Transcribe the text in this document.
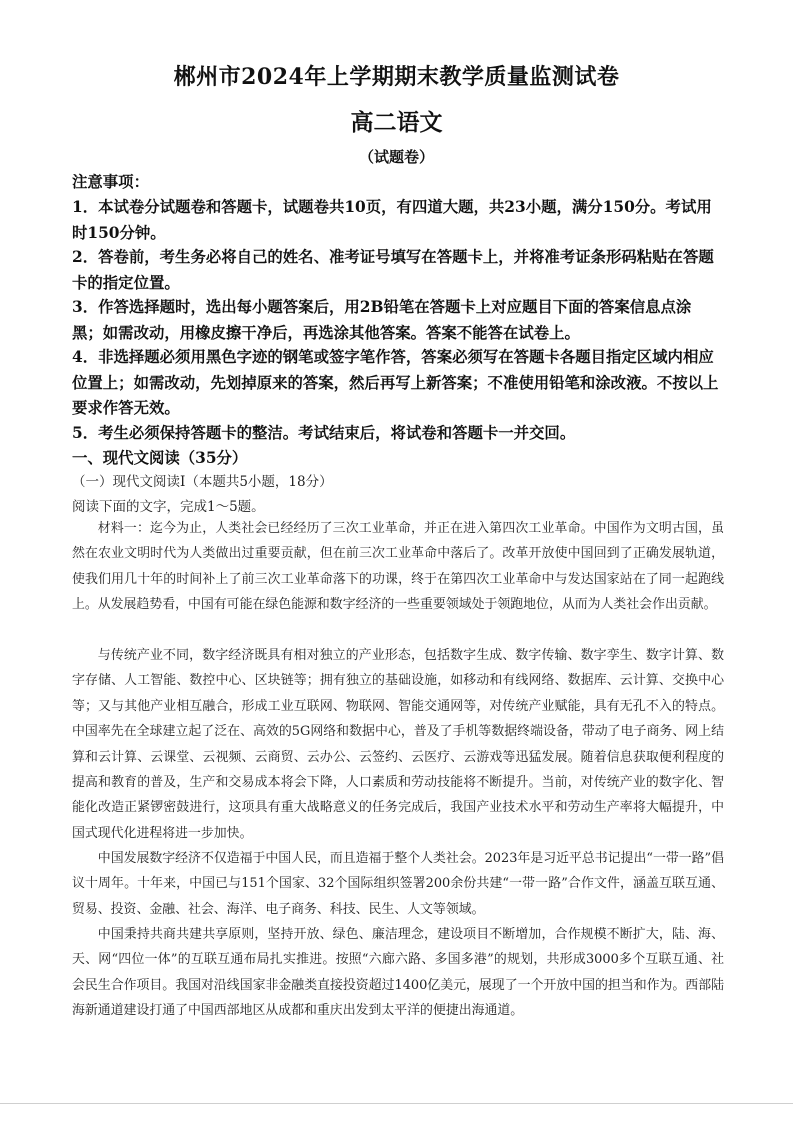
郴州市2024年上学期期末教学质量监测试卷
高二语文
（试题卷）
注意事项：
1．本试卷分试题卷和答题卡，试题卷共10页，有四道大题，共23小题，满分150分。考试用时150分钟。
2．答卷前，考生务必将自己的姓名、准考证号填写在答题卡上，并将准考证条形码粘贴在答题卡的指定位置。
3．作答选择题时，选出每小题答案后，用2B铅笔在答题卡上对应题目下面的答案信息点涂黑；如需改动，用橡皮擦干净后，再选涂其他答案。答案不能答在试卷上。
4．非选择题必须用黑色字迹的钢笔或签字笔作答，答案必须写在答题卡各题目指定区域内相应位置上；如需改动，先划掉原来的答案，然后再写上新答案；不准使用铅笔和涂改液。不按以上要求作答无效。
5．考生必须保持答题卡的整洁。考试结束后，将试卷和答题卡一并交回。
一、现代文阅读（35分）
（一）现代文阅读Ⅰ（本题共5小题，18分）
阅读下面的文字，完成1～5题。
材料一：迄今为止，人类社会已经经历了三次工业革命，并正在进入第四次工业革命。中国作为文明古国，虽然在农业文明时代为人类做出过重要贡献，但在前三次工业革命中落后了。改革开放使中国回到了正确发展轨道，使我们用几十年的时间补上了前三次工业革命落下的功课，终于在第四次工业革命中与发达国家站在了同一起跑线上。从发展趋势看，中国有可能在绿色能源和数字经济的一些重要领域处于领跑地位，从而为人类社会作出贡献。
与传统产业不同，数字经济既具有相对独立的产业形态，包括数字生成、数字传输、数字孪生、数字计算、数字存储、人工智能、数控中心、区块链等；拥有独立的基础设施，如移动和有线网络、数据库、云计算、交换中心等；又与其他产业相互融合，形成工业互联网、物联网、智能交通网等，对传统产业赋能，具有无孔不入的特点。中国率先在全球建立起了泛在、高效的5G网络和数据中心，普及了手机等数据终端设备，带动了电子商务、网上结算和云计算、云课堂、云视频、云商贸、云办公、云签约、云医疗、云游戏等迅猛发展。随着信息获取便利程度的提高和教育的普及，生产和交易成本将会下降，人口素质和劳动技能将不断提升。当前，对传统产业的数字化、智能化改造正紧锣密鼓进行，这项具有重大战略意义的任务完成后，我国产业技术水平和劳动生产率将大幅提升，中国式现代化进程将进一步加快。
中国发展数字经济不仅造福于中国人民，而且造福于整个人类社会。2023年是习近平总书记提出“一带一路”倡议十周年。十年来，中国已与151个国家、32个国际组织签署200余份共建“一带一路”合作文件，涵盖互联互通、贸易、投资、金融、社会、海洋、电子商务、科技、民生、人文等领域。
中国秉持共商共建共享原则，坚持开放、绿色、廉洁理念，建设项目不断增加，合作规模不断扩大，陆、海、天、网“四位一体”的互联互通布局扎实推进。按照“六廊六路、多国多港”的规划，共形成3000多个互联互通、社会民生合作项目。我国对沿线国家非金融类直接投资超过1400亿美元，展现了一个开放中国的担当和作为。西部陆海新通道建设打通了中国西部地区从成都和重庆出发到太平洋的便捷出海通道。
